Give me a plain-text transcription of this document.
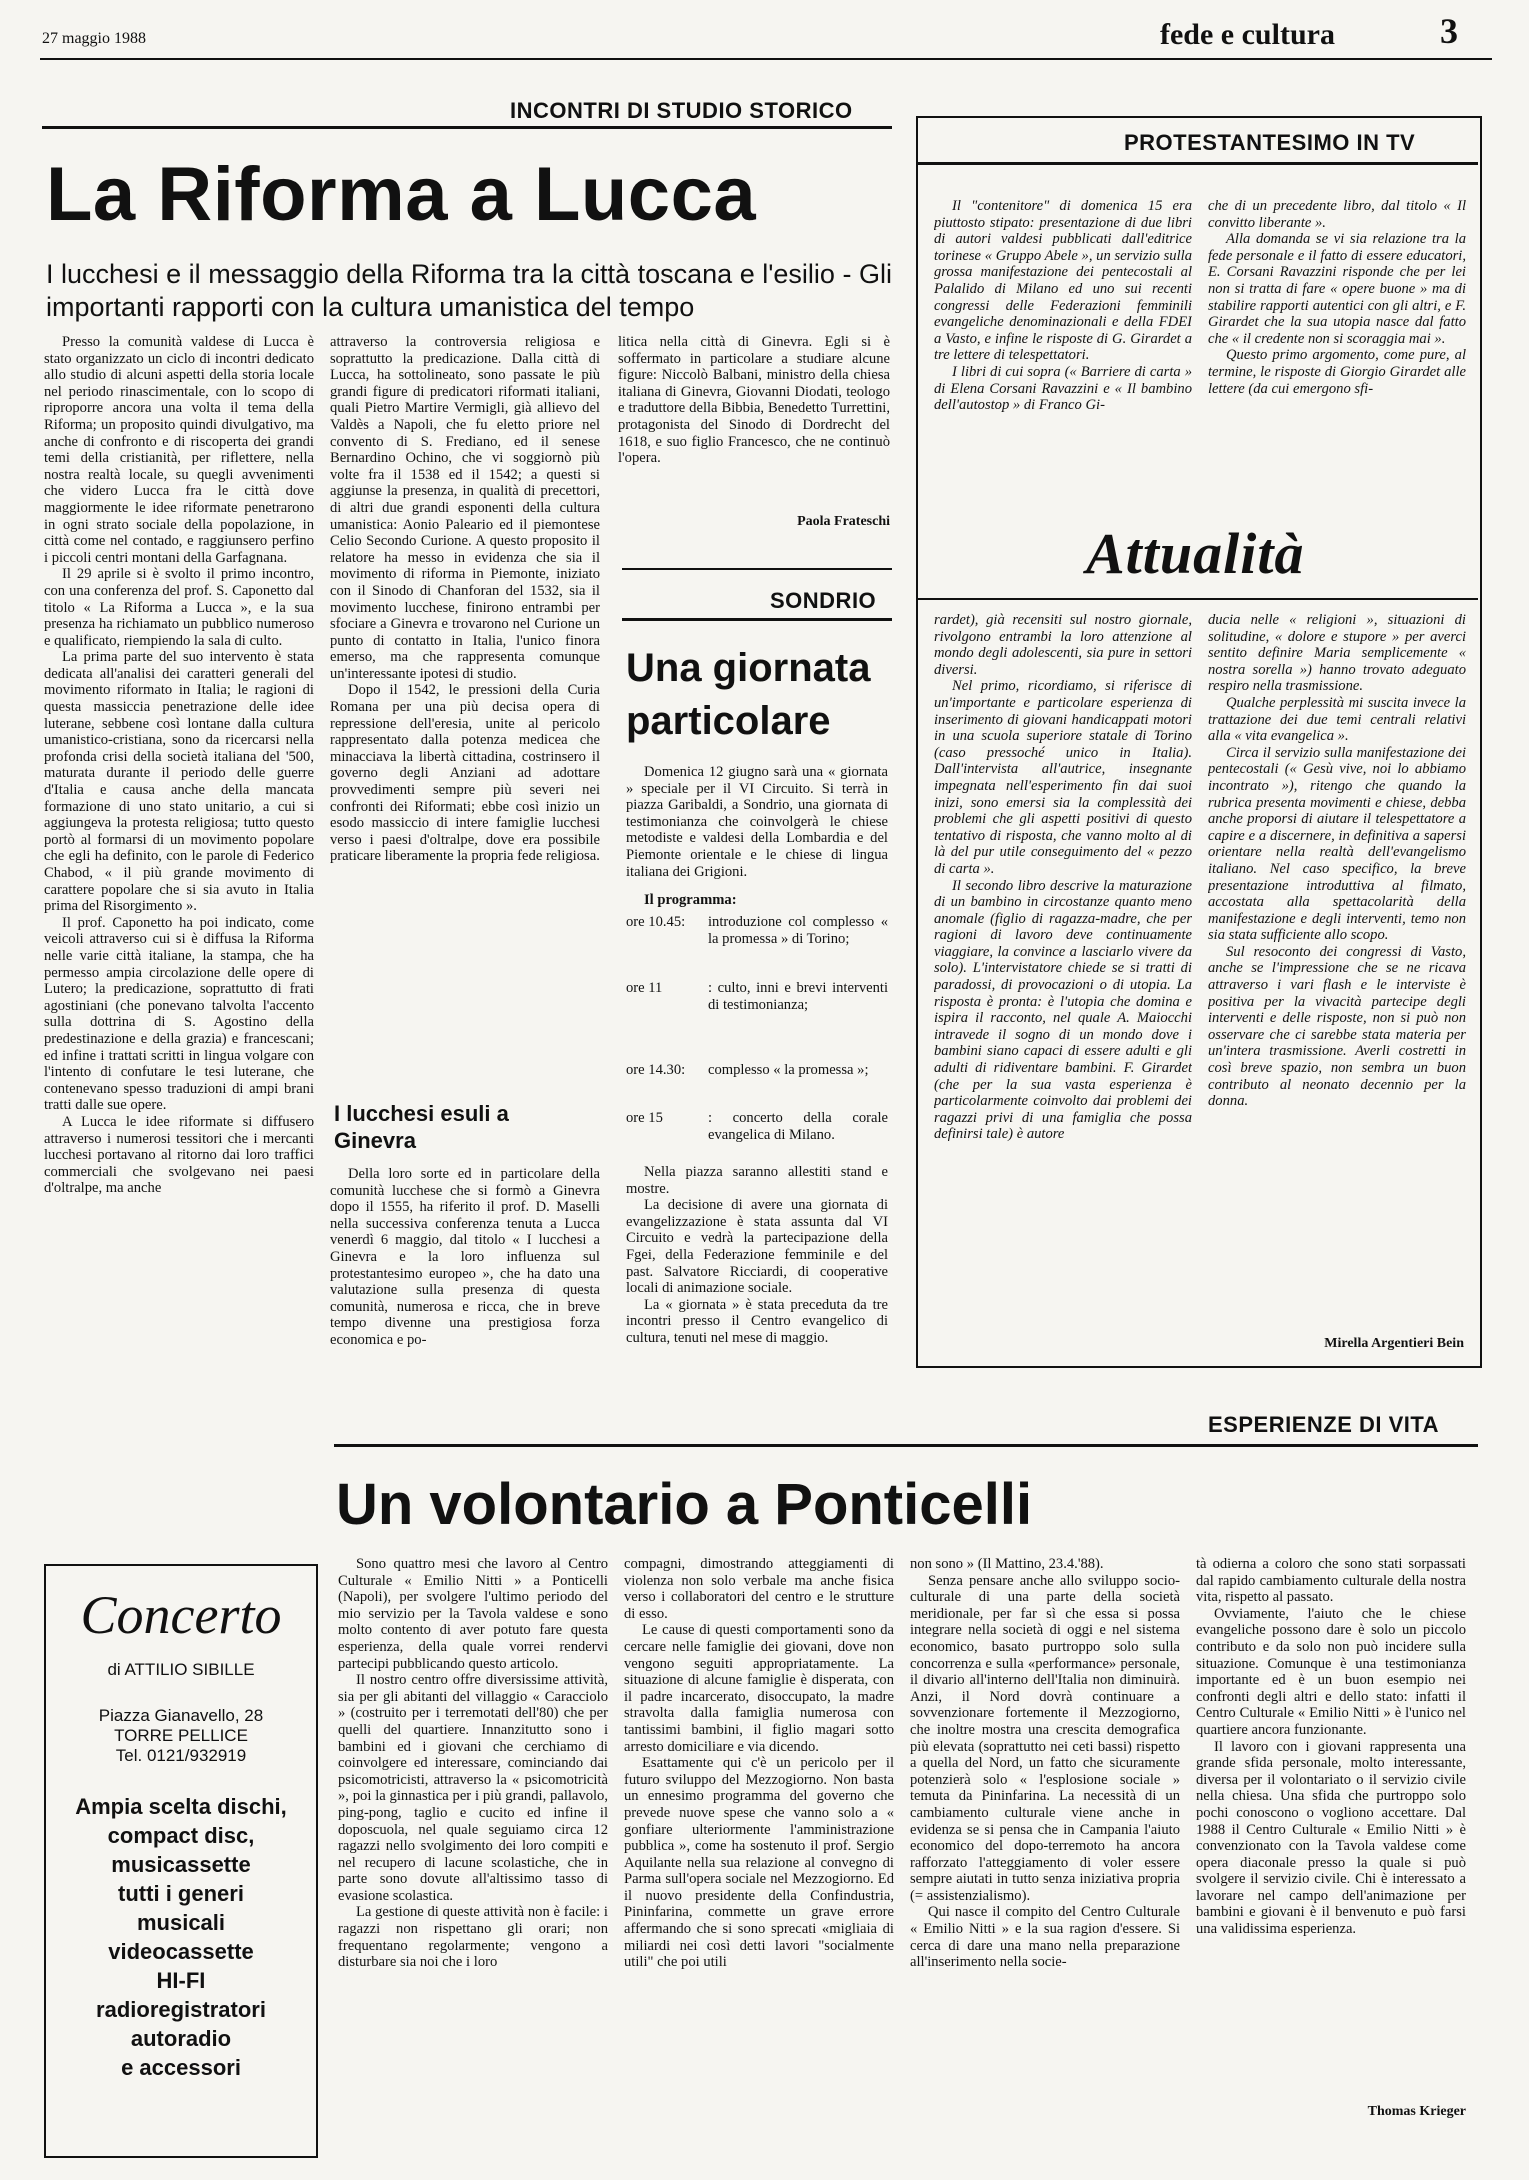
27 maggio 1988	fede e cultura	3
INCONTRI DI STUDIO STORICO
La Riforma a Lucca
I lucchesi e il messaggio della Riforma tra la città toscana e l'esilio - Gli importanti rapporti con la cultura umanistica del tempo

Presso la comunità valdese di Lucca è stato organizzato un ciclo di incontri dedicato allo studio di alcuni aspetti della storia locale nel periodo rinascimentale, con lo scopo di riproporre ancora una volta il tema della Riforma; un proposito quindi divulgativo, ma anche di confronto e di riscoperta dei grandi temi della cristianità, per riflettere, nella nostra realtà locale, su quegli avvenimenti che videro Lucca fra le città dove maggiormente le idee riformate penetrarono in ogni strato sociale della popolazione, in città come nel contado, e raggiunsero perfino i piccoli centri montani della Garfagnana.

Il 29 aprile si è svolto il primo incontro, con una conferenza del prof. S. Caponetto dal titolo « La Riforma a Lucca », e la sua presenza ha richiamato un pubblico numeroso e qualificato, riempiendo la sala di culto.

La prima parte del suo intervento è stata dedicata all'analisi dei caratteri generali del movimento riformato in Italia; le ragioni di questa massiccia penetrazione delle idee luterane, sebbene così lontane dalla cultura umanistico-cristiana, sono da ricercarsi nella profonda crisi della società italiana del '500, maturata durante il periodo delle guerre d'Italia e causa anche della mancata formazione di uno stato unitario, a cui si aggiungeva la protesta religiosa; tutto questo portò al formarsi di un movimento popolare che egli ha definito, con le parole di Federico Chabod, « il più grande movimento di carattere popolare che si sia avuto in Italia prima del Risorgimento ».

Il prof. Caponetto ha poi indicato, come veicoli attraverso cui si è diffusa la Riforma nelle varie città italiane, la stampa, che ha permesso ampia circolazione delle opere di Lutero; la predicazione, soprattutto di frati agostiniani (che ponevano talvolta l'accento sulla dottrina di S. Agostino della predestinazione e della grazia) e francescani; ed infine i trattati scritti in lingua volgare con l'intento di confutare le tesi luterane, che contenevano spesso traduzioni di ampi brani tratti dalle sue opere.

A Lucca le idee riformate si diffusero attraverso i numerosi tessitori che i mercanti lucchesi portavano al ritorno dai loro traffici commerciali che svolgevano nei paesi d'oltralpe, ma anche

attraverso la controversia religiosa e soprattutto la predicazione. Dalla città di Lucca, ha sottolineato, sono passate le più grandi figure di predicatori riformati italiani, quali Pietro Martire Vermigli, già allievo del Valdès a Napoli, che fu eletto priore nel convento di S. Frediano, ed il senese Bernardino Ochino, che vi soggiornò più volte fra il 1538 ed il 1542; a questi si aggiunse la presenza, in qualità di precettori, di altri due grandi esponenti della cultura umanistica: Aonio Paleario ed il piemontese Celio Secondo Curione. A questo proposito il relatore ha messo in evidenza che sia il movimento di riforma in Piemonte, iniziato con il Sinodo di Chanforan del 1532, sia il movimento lucchese, finirono entrambi per sfociare a Ginevra e trovarono nel Curione un punto di contatto in Italia, l'unico finora emerso, ma che rappresenta comunque un'interessante ipotesi di studio.

Dopo il 1542, le pressioni della Curia Romana per una più decisa opera di repressione dell'eresia, unite al pericolo rappresentato dalla potenza medicea che minacciava la libertà cittadina, costrinsero il governo degli Anziani ad adottare provvedimenti sempre più severi nei confronti dei Riformati; ebbe così inizio un esodo massiccio di intere famiglie lucchesi verso i paesi d'oltralpe, dove era possibile praticare liberamente la propria fede religiosa.

I lucchesi esuli a Ginevra

Della loro sorte ed in particolare della comunità lucchese che si formò a Ginevra dopo il 1555, ha riferito il prof. D. Maselli nella successiva conferenza tenuta a Lucca venerdì 6 maggio, dal titolo « I lucchesi a Ginevra e la loro influenza sul protestantesimo europeo », che ha dato una valutazione sulla presenza di questa comunità, numerosa e ricca, che in breve tempo divenne una prestigiosa forza economica e po-

litica nella città di Ginevra. Egli si è soffermato in particolare a studiare alcune figure: Niccolò Balbani, ministro della chiesa italiana di Ginevra, Giovanni Diodati, teologo e traduttore della Bibbia, Benedetto Turrettini, protagonista del Sinodo di Dordrecht del 1618, e suo figlio Francesco, che ne continuò l'opera.

Paola Frateschi
SONDRIO
Una giornata particolare

Domenica 12 giugno sarà una « giornata » speciale per il VI Circuito. Si terrà in piazza Garibaldi, a Sondrio, una giornata di testimonianza che coinvolgerà le chiese metodiste e valdesi della Lombardia e del Piemonte orientale e le chiese di lingua italiana dei Grigioni.

Il programma:
ore 10.45:	introduzione col complesso « la promessa » di Torino;
ore 11	: culto, inni e brevi interventi di testimonianza;
ore 14.30:	complesso « la promessa »;
ore 15	: concerto della corale evangelica di Milano.

Nella piazza saranno allestiti stand e mostre.

La decisione di avere una giornata di evangelizzazione è stata assunta dal VI Circuito e vedrà la partecipazione della Fgei, della Federazione femminile e del past. Salvatore Ricciardi, di cooperative locali di animazione sociale.

La « giornata » è stata preceduta da tre incontri presso il Centro evangelico di cultura, tenuti nel mese di maggio.

PROTESTANTESIMO IN TV

Il "contenitore" di domenica 15 era piuttosto stipato: presentazione di due libri di autori valdesi pubblicati dall'editrice torinese « Gruppo Abele », un servizio sulla grossa manifestazione dei pentecostali al Palalido di Milano ed uno sui recenti congressi delle Federazioni femminili evangeliche denominazionali e della FDEI a Vasto, e infine le risposte di G. Girardet a tre lettere di telespettatori.

I libri di cui sopra (« Barriere di carta » di Elena Corsani Ravazzini e « Il bambino dell'autostop » di Franco Gi-

che di un precedente libro, dal titolo « Il convitto liberante ».

Alla domanda se vi sia relazione tra la fede personale e il fatto di essere educatori, E. Corsani Ravazzini risponde che per lei non si tratta di fare « opere buone » ma di stabilire rapporti autentici con gli altri, e F. Girardet che la sua utopia nasce dal fatto che « il credente non si scoraggia mai ».

Questo primo argomento, come pure, al termine, le risposte di Giorgio Girardet alle lettere (da cui emergono sfi-

Attualità

rardet), già recensiti sul nostro giornale, rivolgono entrambi la loro attenzione al mondo degli adolescenti, sia pure in settori diversi.

Nel primo, ricordiamo, si riferisce di un'importante e particolare esperienza di inserimento di giovani handicappati motori in una scuola superiore statale di Torino (caso pressoché unico in Italia). Dall'intervista all'autrice, insegnante impegnata nell'esperimento fin dai suoi inizi, sono emersi sia la complessità dei problemi che gli aspetti positivi di questo tentativo di risposta, che vanno molto al di là del pur utile conseguimento del « pezzo di carta ».

Il secondo libro descrive la maturazione di un bambino in circostanze quanto meno anomale (figlio di ragazza-madre, che per ragioni di lavoro deve continuamente viaggiare, la convince a lasciarlo vivere da solo). L'intervistatore chiede se si tratti di paradossi, di provocazioni o di utopia. La risposta è pronta: è l'utopia che domina e ispira il racconto, nel quale A. Maiocchi intravede il sogno di un mondo dove i bambini siano capaci di essere adulti e gli adulti di ridiventare bambini. F. Girardet (che per la sua vasta esperienza è particolarmente coinvolto dai problemi dei ragazzi privi di una famiglia che possa definirsi tale) è autore

ducia nelle « religioni », situazioni di solitudine, « dolore e stupore » per averci sentito definire Maria semplicemente « nostra sorella ») hanno trovato adeguato respiro nella trasmissione.

Qualche perplessità mi suscita invece la trattazione dei due temi centrali relativi alla « vita evangelica ».

Circa il servizio sulla manifestazione dei pentecostali (« Gesù vive, noi lo abbiamo incontrato »), ritengo che quando la rubrica presenta movimenti e chiese, debba anche proporsi di aiutare il telespettatore a capire e a discernere, in definitiva a sapersi orientare nella realtà dell'evangelismo italiano. Nel caso specifico, la breve presentazione introduttiva al filmato, accostata alla spettacolarità della manifestazione e degli interventi, temo non sia stata sufficiente allo scopo.

Sul resoconto dei congressi di Vasto, anche se l'impressione che se ne ricava attraverso i vari flash e le interviste è positiva per la vivacità partecipe degli interventi e delle risposte, non si può non osservare che ci sarebbe stata materia per un'intera trasmissione. Averli costretti in così breve spazio, non sembra un buon contributo al neonato decennio per la donna.

Mirella Argentieri Bein
Concerto
di ATTILIO SIBILLE
Piazza Gianavello, 28
TORRE PELLICE
Tel. 0121/932919
Ampia scelta dischi,
compact disc,
musicassette
tutti i generi
musicali
videocassette
HI-FI
radioregistratori
autoradio
e accessori
ESPERIENZE DI VITA
Un volontario a Ponticelli

Sono quattro mesi che lavoro al Centro Culturale « Emilio Nitti » a Ponticelli (Napoli), per svolgere l'ultimo periodo del mio servizio per la Tavola valdese e sono molto contento di aver potuto fare questa esperienza, della quale vorrei rendervi partecipi pubblicando questo articolo.

Il nostro centro offre diversissime attività, sia per gli abitanti del villaggio « Caracciolo » (costruito per i terremotati dell'80) che per quelli del quartiere. Innanzitutto sono i bambini ed i giovani che cerchiamo di coinvolgere ed interessare, cominciando dai psicomotricisti, attraverso la « psicomotricità », poi la ginnastica per i più grandi, pallavolo, ping-pong, taglio e cucito ed infine il doposcuola, nel quale seguiamo circa 12 ragazzi nello svolgimento dei loro compiti e nel recupero di lacune scolastiche, che in parte sono dovute all'altissimo tasso di evasione scolastica.

La gestione di queste attività non è facile: i ragazzi non rispettano gli orari; non frequentano regolarmente; vengono a disturbare sia noi che i loro

compagni, dimostrando atteggiamenti di violenza non solo verbale ma anche fisica verso i collaboratori del centro e le strutture di esso.

Le cause di questi comportamenti sono da cercare nelle famiglie dei giovani, dove non vengono seguiti appropriatamente. La situazione di alcune famiglie è disperata, con il padre incarcerato, disoccupato, la madre stravolta dalla famiglia numerosa con tantissimi bambini, il figlio magari sotto arresto domiciliare e via dicendo.

Esattamente qui c'è un pericolo per il futuro sviluppo del Mezzogiorno. Non basta un ennesimo programma del governo che prevede nuove spese che vanno solo a « gonfiare ulteriormente l'amministrazione pubblica », come ha sostenuto il prof. Sergio Aquilante nella sua relazione al convegno di Parma sull'opera sociale nel Mezzogiorno. Ed il nuovo presidente della Confindustria, Pininfarina, commette un grave errore affermando che si sono sprecati «migliaia di miliardi nei così detti lavori "socialmente utili" che poi utili

non sono » (Il Mattino, 23.4.'88).

Senza pensare anche allo sviluppo socio-culturale di una parte della società meridionale, per far sì che essa si possa integrare nella società di oggi e nel sistema economico, basato purtroppo solo sulla concorrenza e sulla «performance» personale, il divario all'interno dell'Italia non diminuirà. Anzi, il Nord dovrà continuare a sovvenzionare fortemente il Mezzogiorno, che inoltre mostra una crescita demografica più elevata (soprattutto nei ceti bassi) rispetto a quella del Nord, un fatto che sicuramente potenzierà solo « l'esplosione sociale » temuta da Pininfarina. La necessità di un cambiamento culturale viene anche in evidenza se si pensa che in Campania l'aiuto economico del dopo-terremoto ha ancora rafforzato l'atteggiamento di voler essere sempre aiutati in tutto senza iniziativa propria (= assistenzialismo).

Qui nasce il compito del Centro Culturale « Emilio Nitti » e la sua ragion d'essere. Si cerca di dare una mano nella preparazione all'inserimento nella socie-

tà odierna a coloro che sono stati sorpassati dal rapido cambiamento culturale della nostra vita, rispetto al passato.

Ovviamente, l'aiuto che le chiese evangeliche possono dare è solo un piccolo contributo e da solo non può incidere sulla situazione. Comunque è una testimonianza importante ed è un buon esempio nei confronti degli altri e dello stato: infatti il Centro Culturale « Emilio Nitti » è l'unico nel quartiere ancora funzionante.

Il lavoro con i giovani rappresenta una grande sfida personale, molto interessante, diversa per il volontariato o il servizio civile nella chiesa. Una sfida che purtroppo solo pochi conoscono o vogliono accettare. Dal 1988 il Centro Culturale « Emilio Nitti » è convenzionato con la Tavola valdese come opera diaconale presso la quale si può svolgere il servizio civile. Chi è interessato a lavorare nel campo dell'animazione per bambini e giovani è il benvenuto e può farsi una validissima esperienza.

Thomas Krieger
